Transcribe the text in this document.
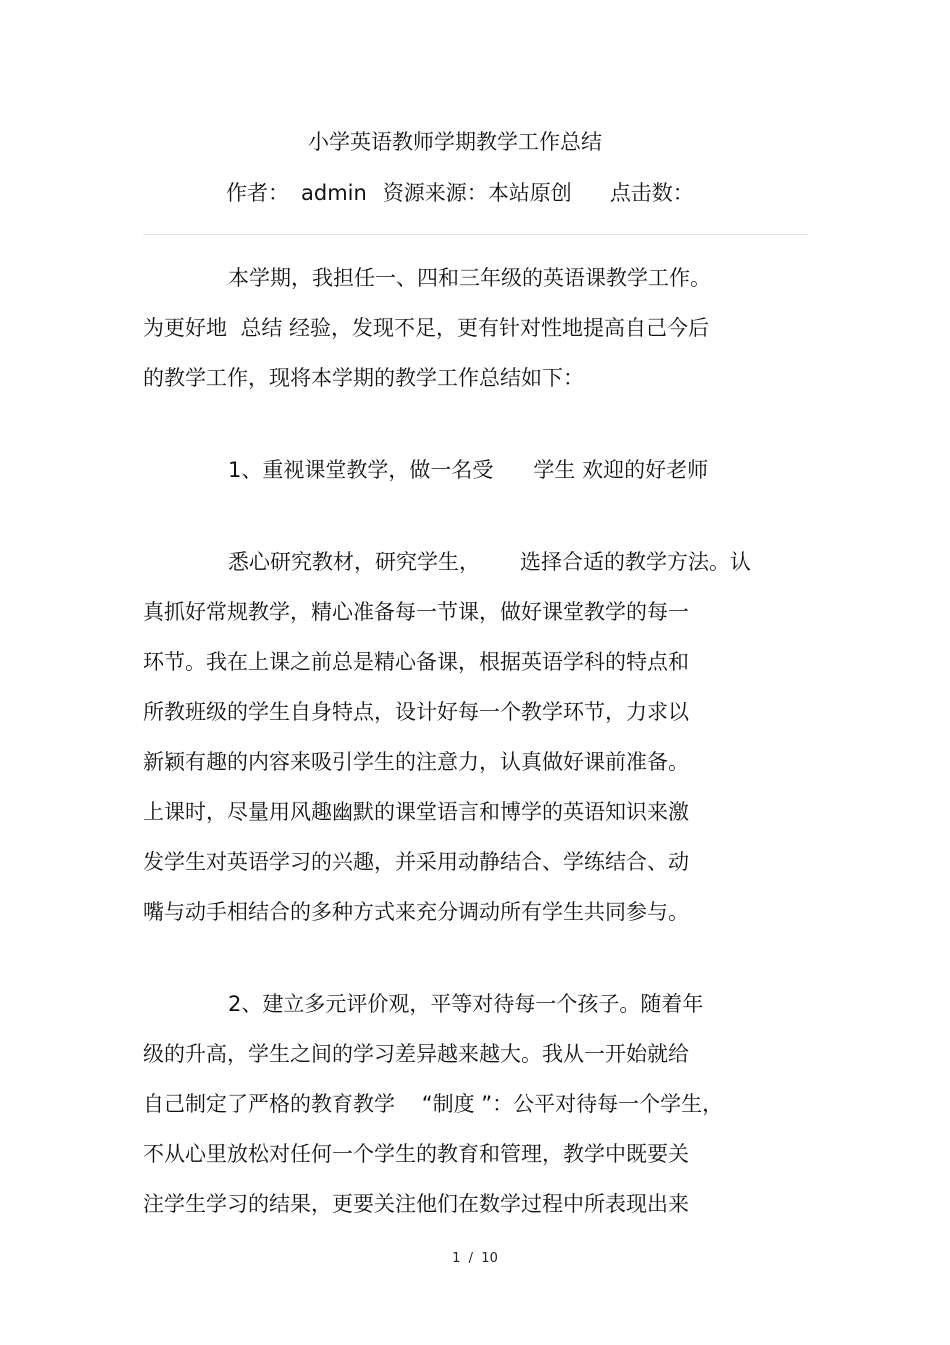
小学英语教师学期教学工作总结
作者： admin 资源来源：本站原创 点击数：
本学期，我担任一、四和三年级的英语课教学工作。
为更好地  总结 经验，发现不足，更有针对性地提高自己今后
的教学工作，现将本学期的教学工作总结如下：
1、重视课堂教学，做一名受      学生 欢迎的好老师
悉心研究教材，研究学生，      选择合适的教学方法。认
真抓好常规教学，精心准备每一节课，做好课堂教学的每一
环节。我在上课之前总是精心备课，根据英语学科的特点和
所教班级的学生自身特点，设计好每一个教学环节，力求以
新颖有趣的内容来吸引学生的注意力，认真做好课前准备。
上课时，尽量用风趣幽默的课堂语言和博学的英语知识来激
发学生对英语学习的兴趣，并采用动静结合、学练结合、动
嘴与动手相结合的多种方式来充分调动所有学生共同参与。
2、建立多元评价观，平等对待每一个孩子。随着年
级的升高，学生之间的学习差异越来越大。我从一开始就给
自己制定了严格的教育教学    “制度 ”：公平对待每一个学生，
不从心里放松对任何一个学生的教育和管理，教学中既要关
注学生学习的结果，更要关注他们在数学过程中所表现出来
1  /  10
